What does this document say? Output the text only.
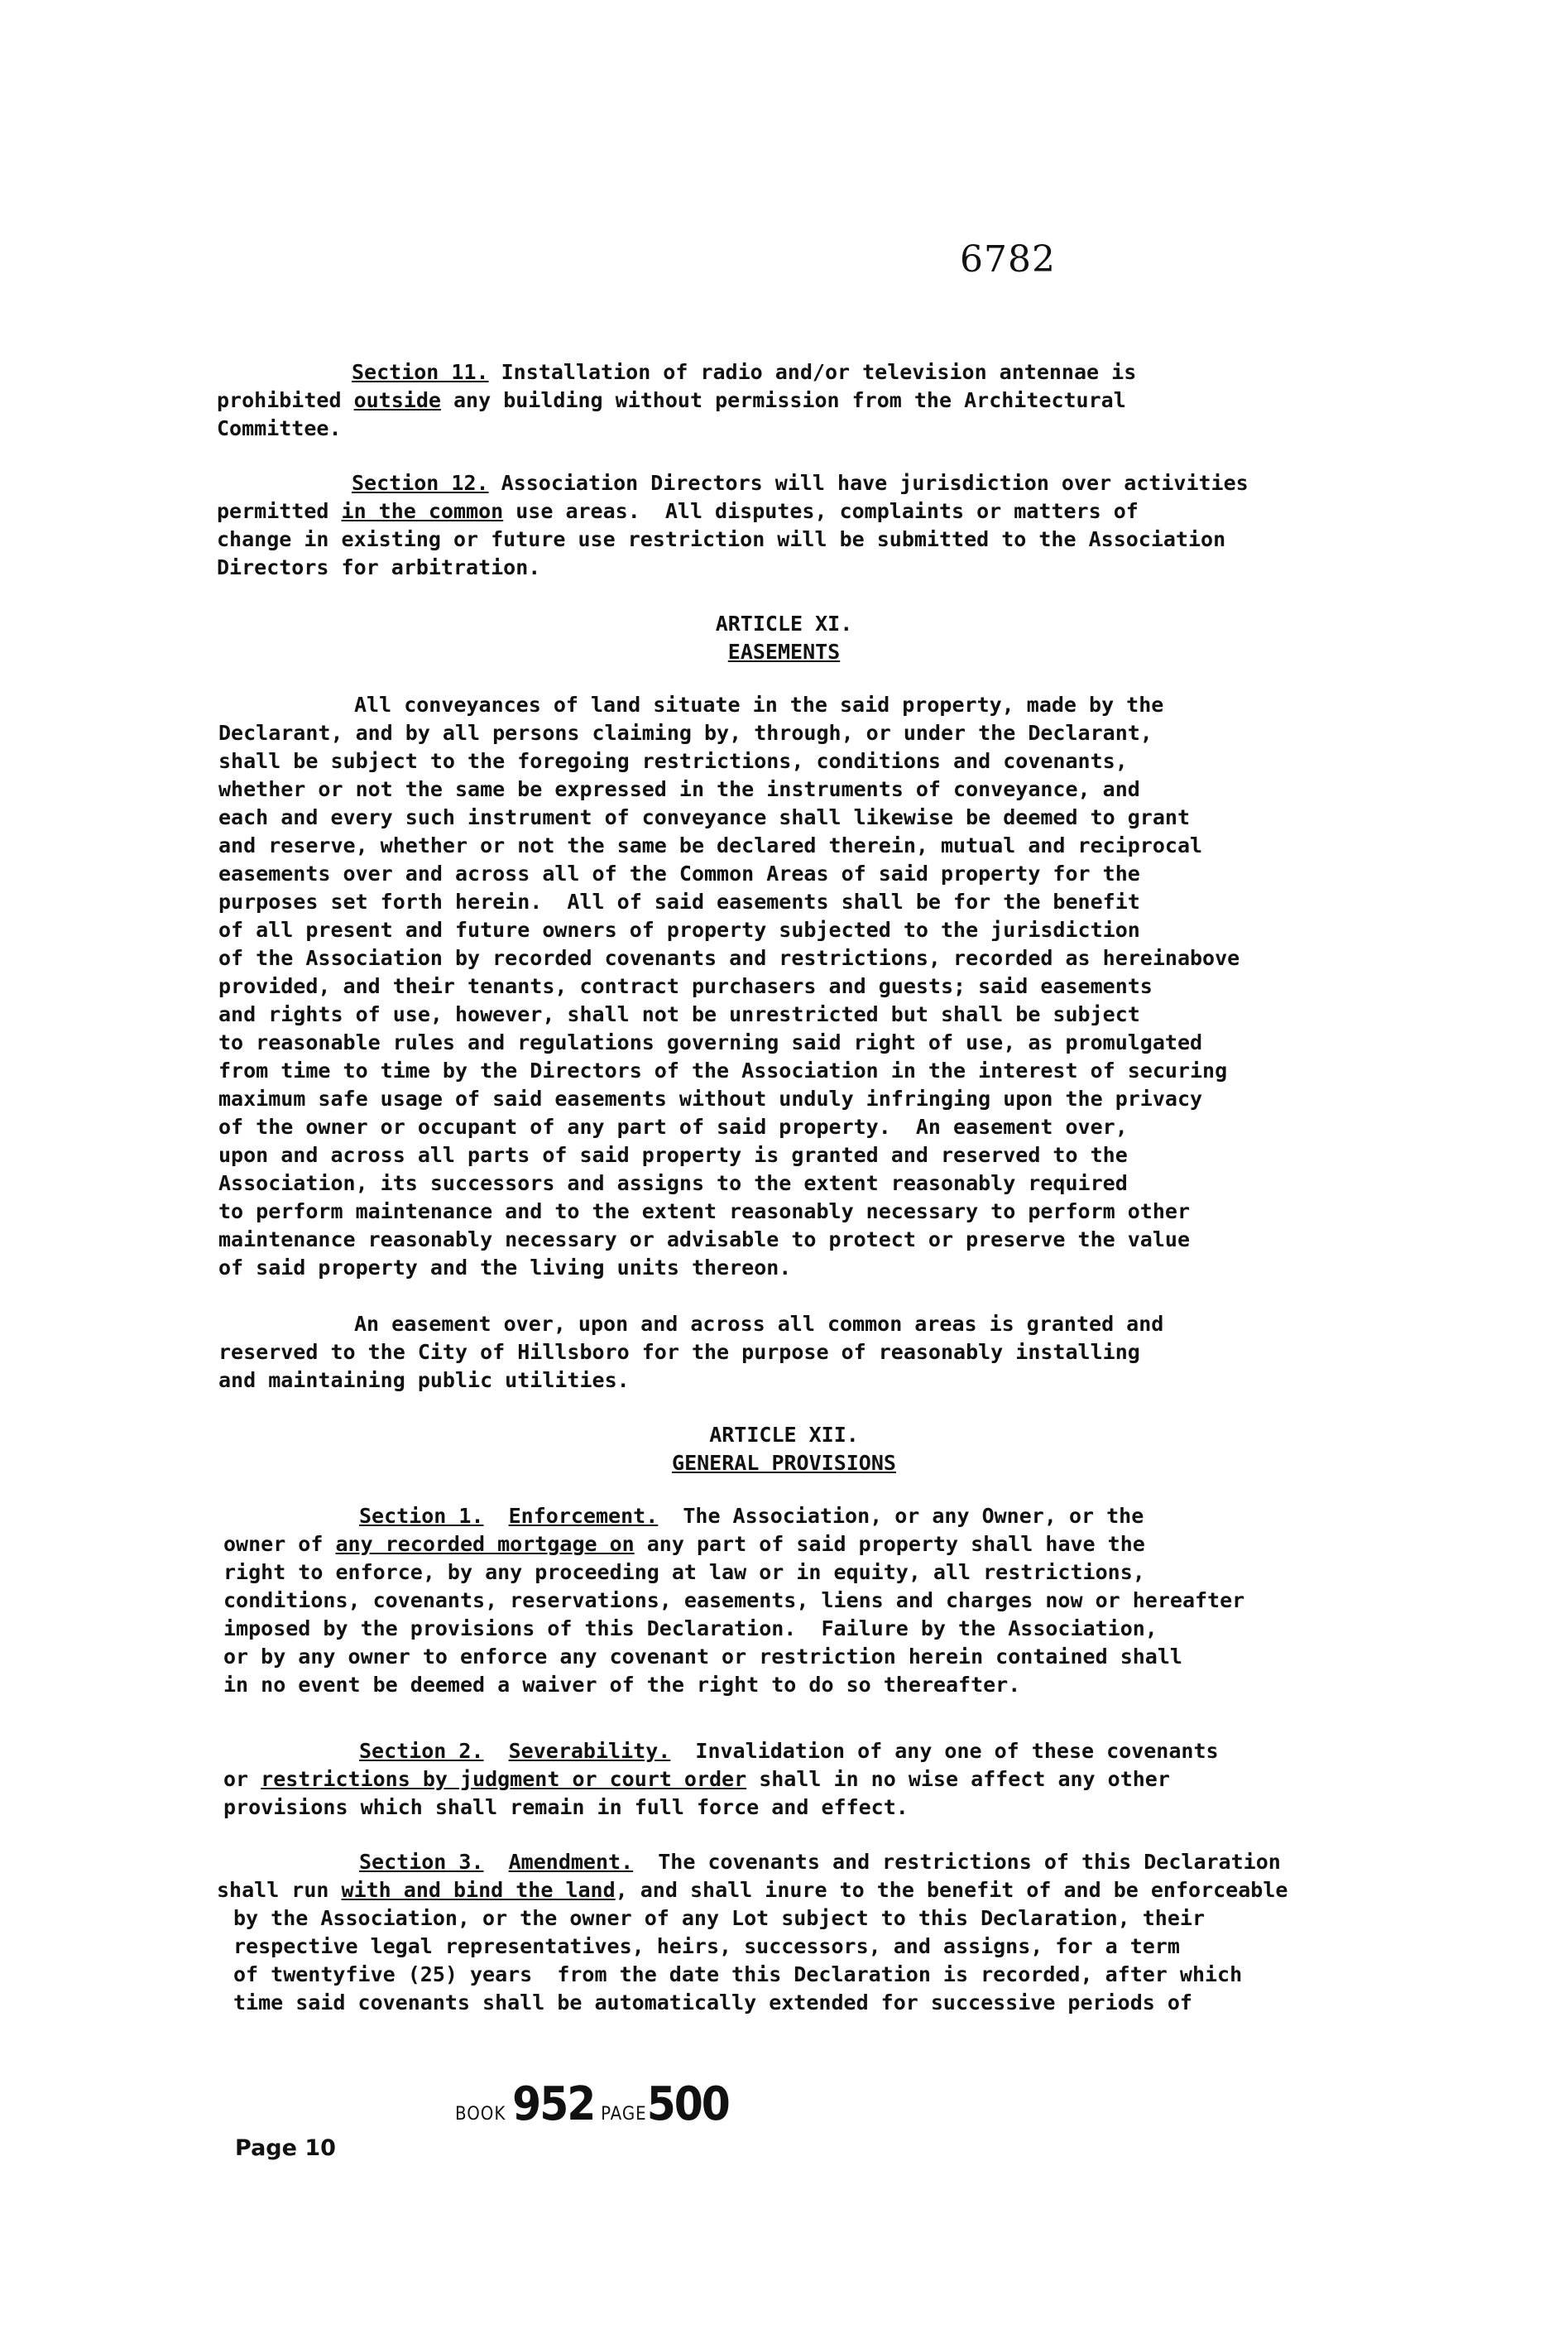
6782
Section 11. Installation of radio and/or television antennae is
prohibited outside any building without permission from the Architectural
Committee.
Section 12. Association Directors will have jurisdiction over activities
permitted in the common use areas.  All disputes, complaints or matters of
change in existing or future use restriction will be submitted to the Association
Directors for arbitration.
ARTICLE XI.
EASEMENTS
All conveyances of land situate in the said property, made by the
Declarant, and by all persons claiming by, through, or under the Declarant,
shall be subject to the foregoing restrictions, conditions and covenants,
whether or not the same be expressed in the instruments of conveyance, and
each and every such instrument of conveyance shall likewise be deemed to grant
and reserve, whether or not the same be declared therein, mutual and reciprocal
easements over and across all of the Common Areas of said property for the
purposes set forth herein.  All of said easements shall be for the benefit
of all present and future owners of property subjected to the jurisdiction
of the Association by recorded covenants and restrictions, recorded as hereinabove
provided, and their tenants, contract purchasers and guests; said easements
and rights of use, however, shall not be unrestricted but shall be subject
to reasonable rules and regulations governing said right of use, as promulgated
from time to time by the Directors of the Association in the interest of securing
maximum safe usage of said easements without unduly infringing upon the privacy
of the owner or occupant of any part of said property.  An easement over,
upon and across all parts of said property is granted and reserved to the
Association, its successors and assigns to the extent reasonably required
to perform maintenance and to the extent reasonably necessary to perform other
maintenance reasonably necessary or advisable to protect or preserve the value
of said property and the living units thereon.
An easement over, upon and across all common areas is granted and
reserved to the City of Hillsboro for the purpose of reasonably installing
and maintaining public utilities.
ARTICLE XII.
GENERAL PROVISIONS
Section 1. Enforcement.  The Association, or any Owner, or the
owner of any recorded mortgage on any part of said property shall have the
right to enforce, by any proceeding at law or in equity, all restrictions,
conditions, covenants, reservations, easements, liens and charges now or hereafter
imposed by the provisions of this Declaration.  Failure by the Association,
or by any owner to enforce any covenant or restriction herein contained shall
in no event be deemed a waiver of the right to do so thereafter.
Section 2. Severability.  Invalidation of any one of these covenants
or restrictions by judgment or court order shall in no wise affect any other
provisions which shall remain in full force and effect.
Section 3. Amendment.  The covenants and restrictions of this Declaration
shall run with and bind the land, and shall inure to the benefit of and be enforceable
by the Association, or the owner of any Lot subject to this Declaration, their
respective legal representatives, heirs, successors, and assigns, for a term
of twentyfive (25) years  from the date this Declaration is recorded, after which
time said covenants shall be automatically extended for successive periods of
Page 10
BOOK 952 PAGE500
